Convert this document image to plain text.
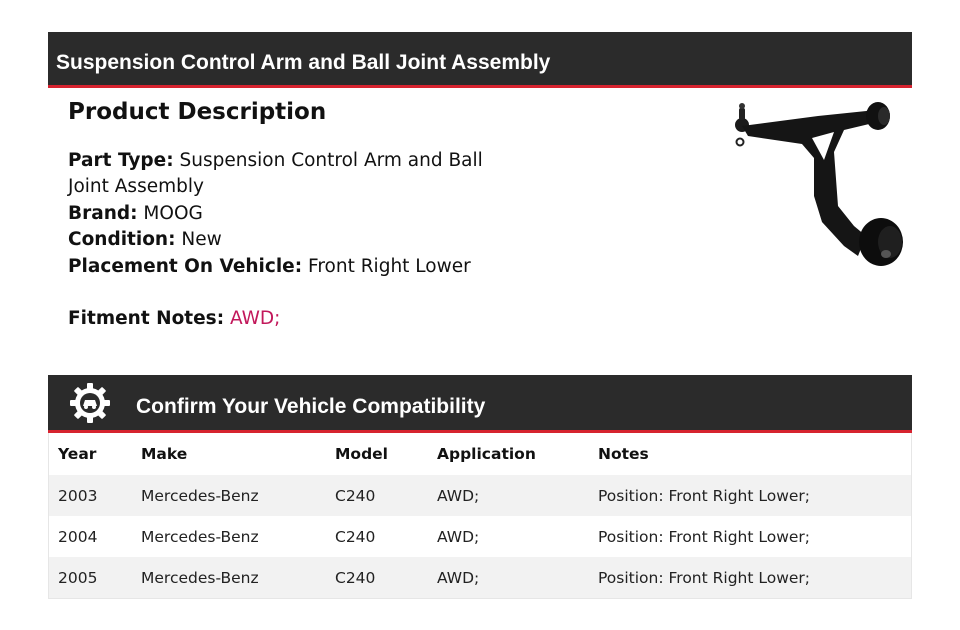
Suspension Control Arm and Ball Joint Assembly
Product Description
Part Type: Suspension Control Arm and Ball Joint Assembly
Brand: MOOG
Condition: New
Placement On Vehicle: Front Right Lower
Fitment Notes: AWD;
Confirm Your Vehicle Compatibility
Year	Make	Model	Application	Notes
2003	Mercedes-Benz	C240	AWD;	Position: Front Right Lower;
2004	Mercedes-Benz	C240	AWD;	Position: Front Right Lower;
2005	Mercedes-Benz	C240	AWD;	Position: Front Right Lower;
